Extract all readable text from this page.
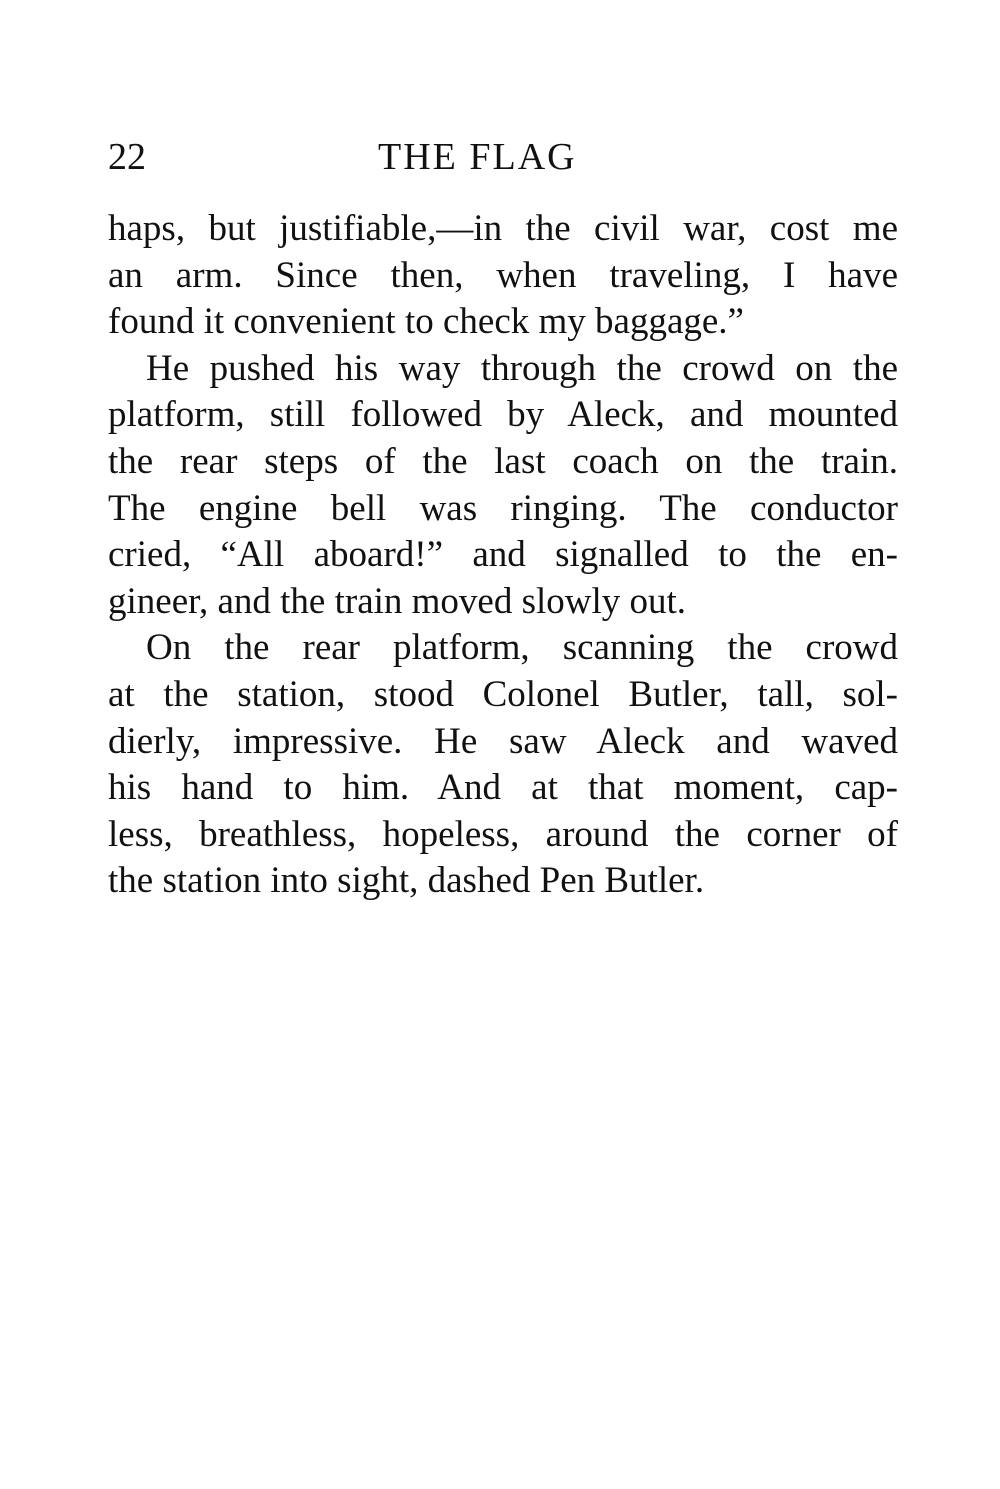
22	THE FLAG
haps, but justifiable,—in the civil war, cost me
an arm. Since then, when traveling, I have
found it convenient to check my baggage.”
He pushed his way through the crowd on the
platform, still followed by Aleck, and mounted
the rear steps of the last coach on the train.
The engine bell was ringing. The conductor
cried, “All aboard!” and signalled to the en-
gineer, and the train moved slowly out.
On the rear platform, scanning the crowd
at the station, stood Colonel Butler, tall, sol-
dierly, impressive. He saw Aleck and waved
his hand to him. And at that moment, cap-
less, breathless, hopeless, around the corner of
the station into sight, dashed Pen Butler.
